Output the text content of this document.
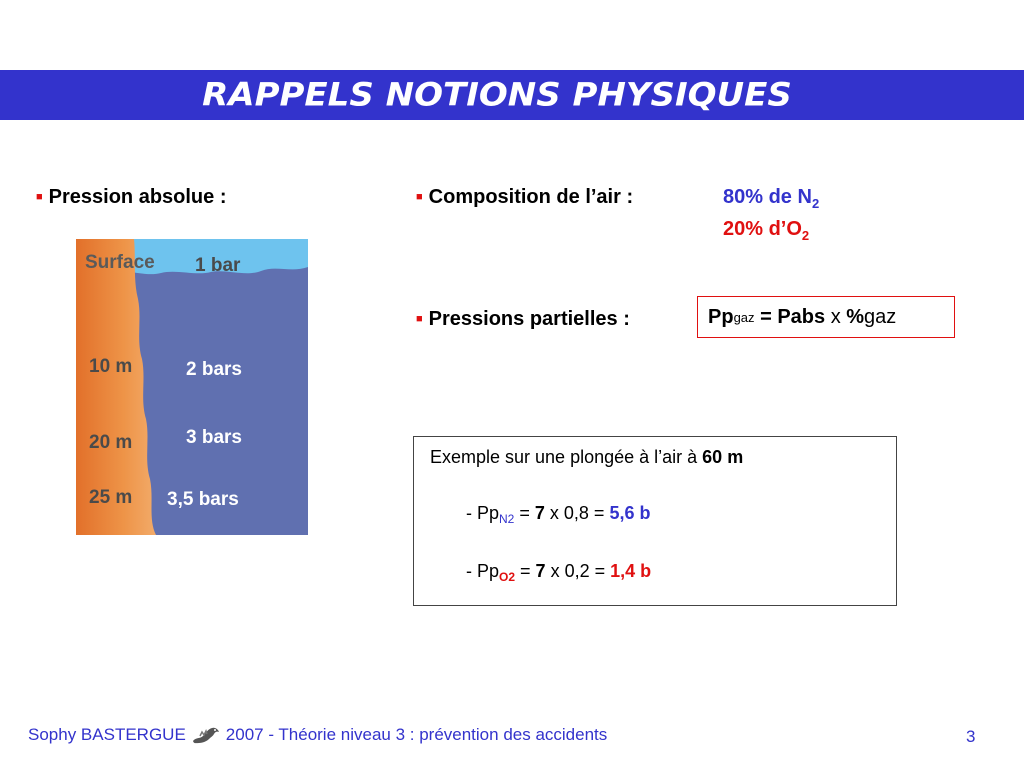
RAPPELS NOTIONS PHYSIQUES
■ Pression absolue :
Surface 1 bar
10 m	2 bars
20 m	3 bars
25 m 3,5 bars
■ Composition de l’air :	80% de $N_2$
20% $d’O_2$
■ Pressions partielles :	Pp gaz = Pabs x % gaz
Exemple sur une plongée à l’air à 60 m
- $Pp_{N2} = 7$ x 0,8 = 5,6 b
- $Pp_{O2} = 7$ x 0,2 = 1,4 b
Sophy BASTERGUE 2007 - Théorie niveau 3 : prévention des accidents	3
